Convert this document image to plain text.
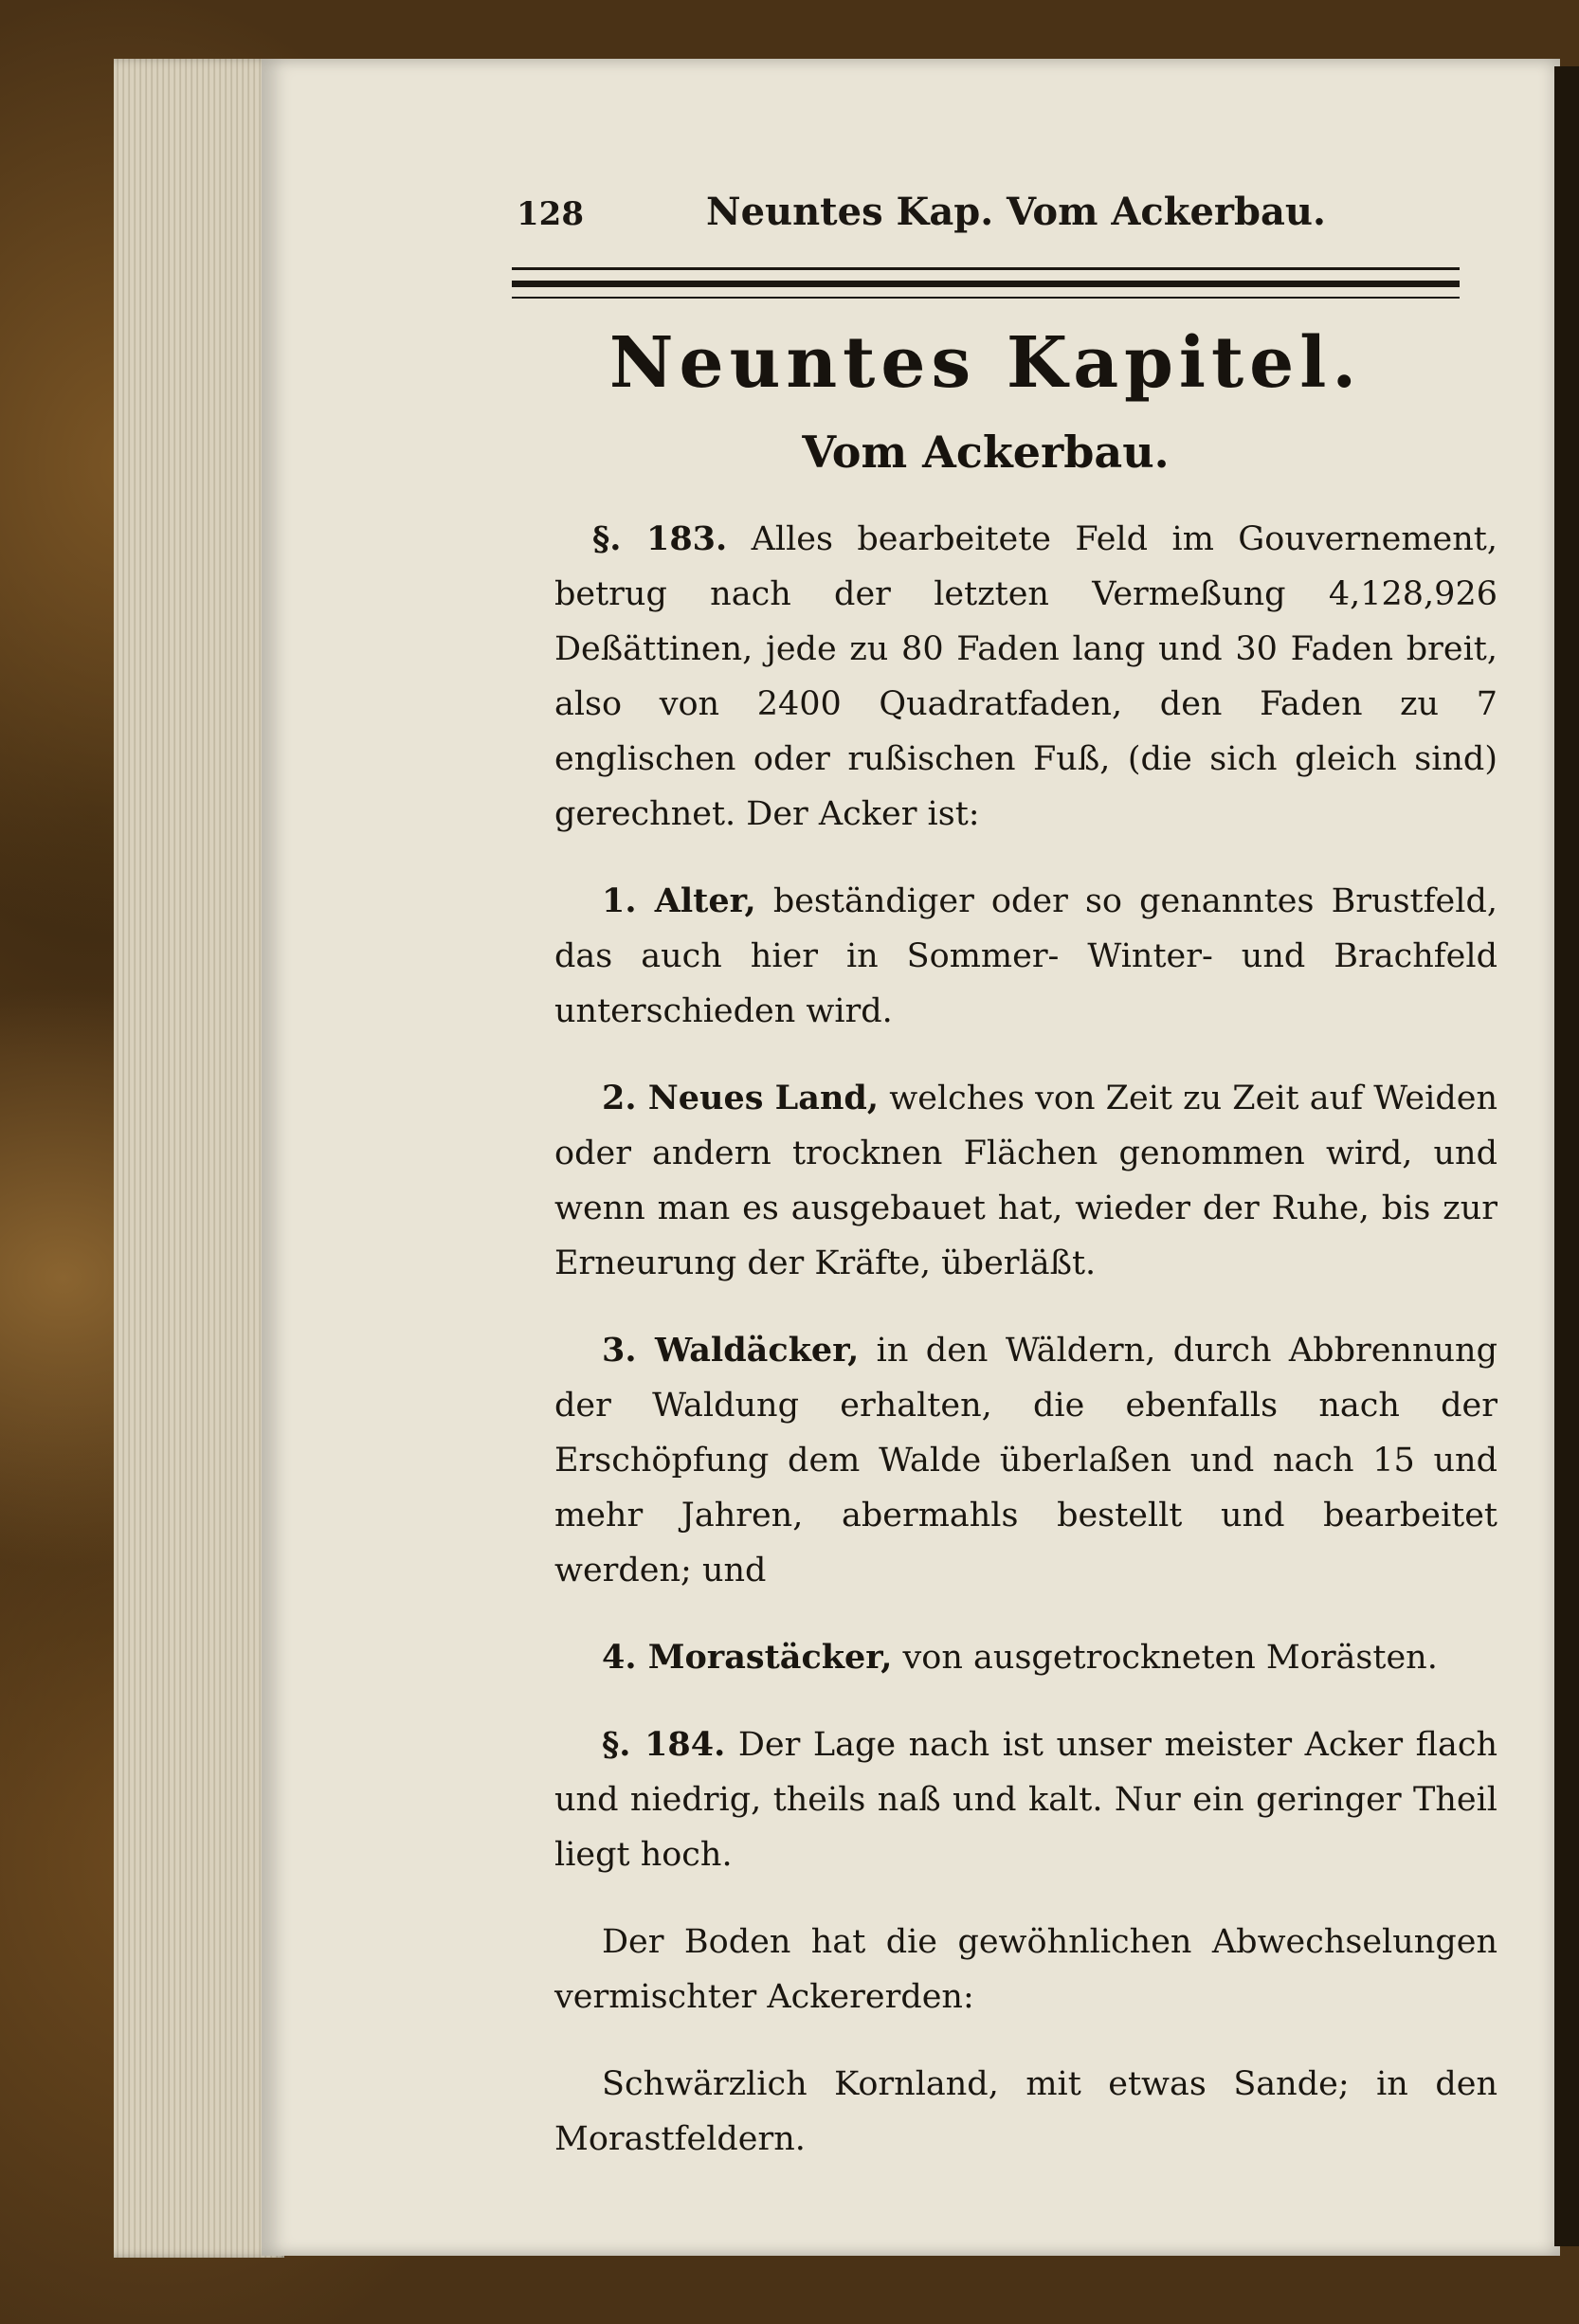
128	Neuntes Kap. Vom Ackerbau.
Neuntes Kapitel.
Vom Ackerbau.

§. 183. Alles bearbeitete Feld im Gouvernement, betrug nach der letzten Vermeßung 4,128,926 Deßättinen, jede zu 80 Faden lang und 30 Faden breit, also von 2400 Quadratfaden, den Faden zu 7 englischen oder rußischen Fuß, (die sich gleich sind) gerechnet. Der Acker ist:

1. Alter, beständiger oder so genanntes Brustfeld, das auch hier in Sommer- Winter- und Brachfeld unterschieden wird.

2. Neues Land, welches von Zeit zu Zeit auf Weiden oder andern trocknen Flächen genommen wird, und wenn man es ausgebauet hat, wieder der Ruhe, bis zur Erneurung der Kräfte, überläßt.

3. Waldäcker, in den Wäldern, durch Abbrennung der Waldung erhalten, die ebenfalls nach der Erschöpfung dem Walde überlaßen und nach 15 und mehr Jahren, abermahls bestellt und bearbeitet werden; und

4. Morastäcker, von ausgetrockneten Morästen.

§. 184. Der Lage nach ist unser meister Acker flach und niedrig, theils naß und kalt. Nur ein geringer Theil liegt hoch.

Der Boden hat die gewöhnlichen Abwechselungen vermischter Ackererden:

Schwärzlich Kornland, mit etwas Sande; in den Morastfeldern.
